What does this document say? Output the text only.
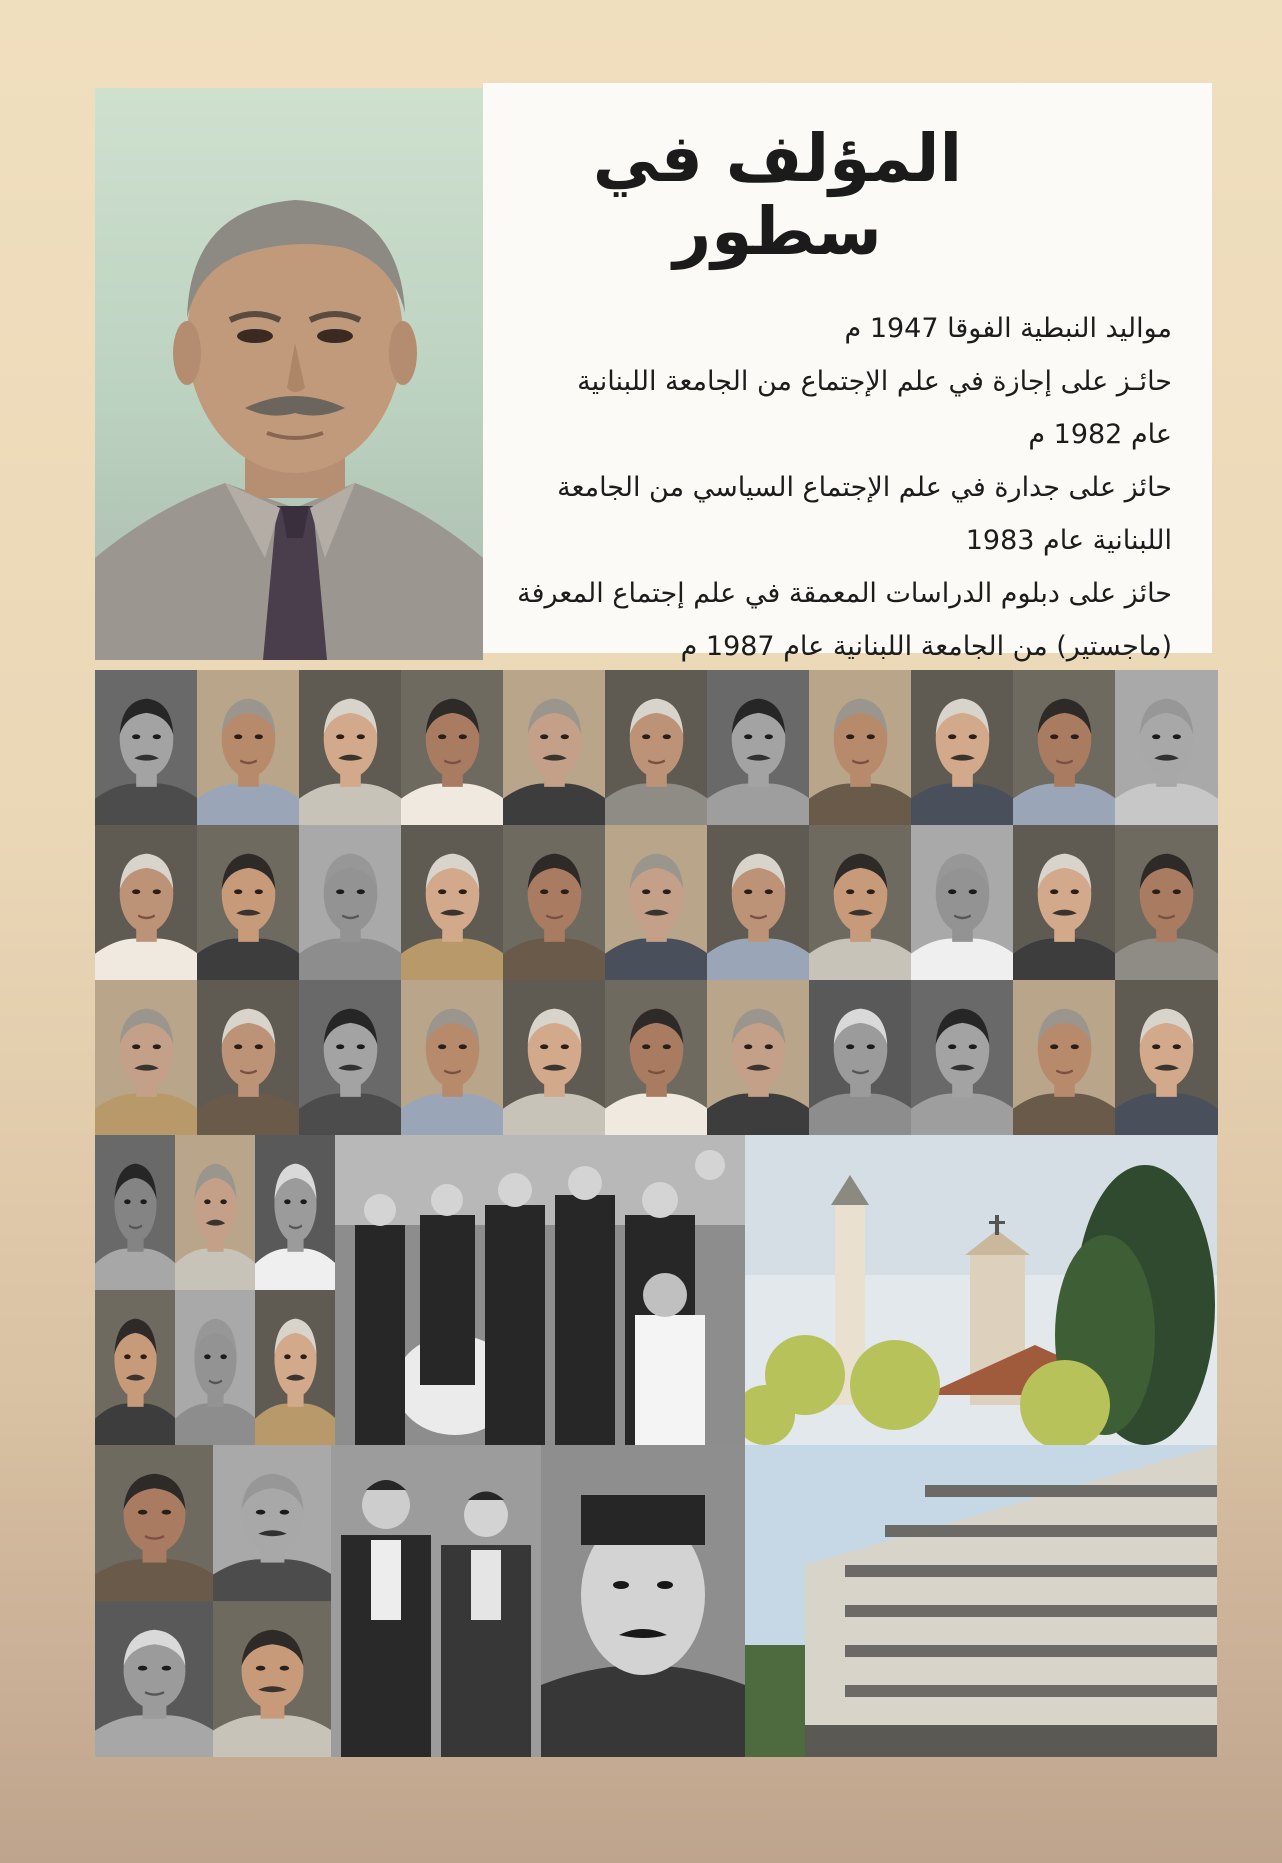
المؤلف في سطور

مواليد النبطية الفوقا 1947 م

حائـز على إجازة في علم الإجتماع من الجامعة اللبنانية

عام 1982 م

حائز على جدارة في علم الإجتماع السياسي من الجامعة

اللبنانية عام 1983

حائز على دبلوم الدراسات المعمقة في علم إجتماع المعرفة

(ماجستير) من الجامعة اللبنانية عام 1987 م
